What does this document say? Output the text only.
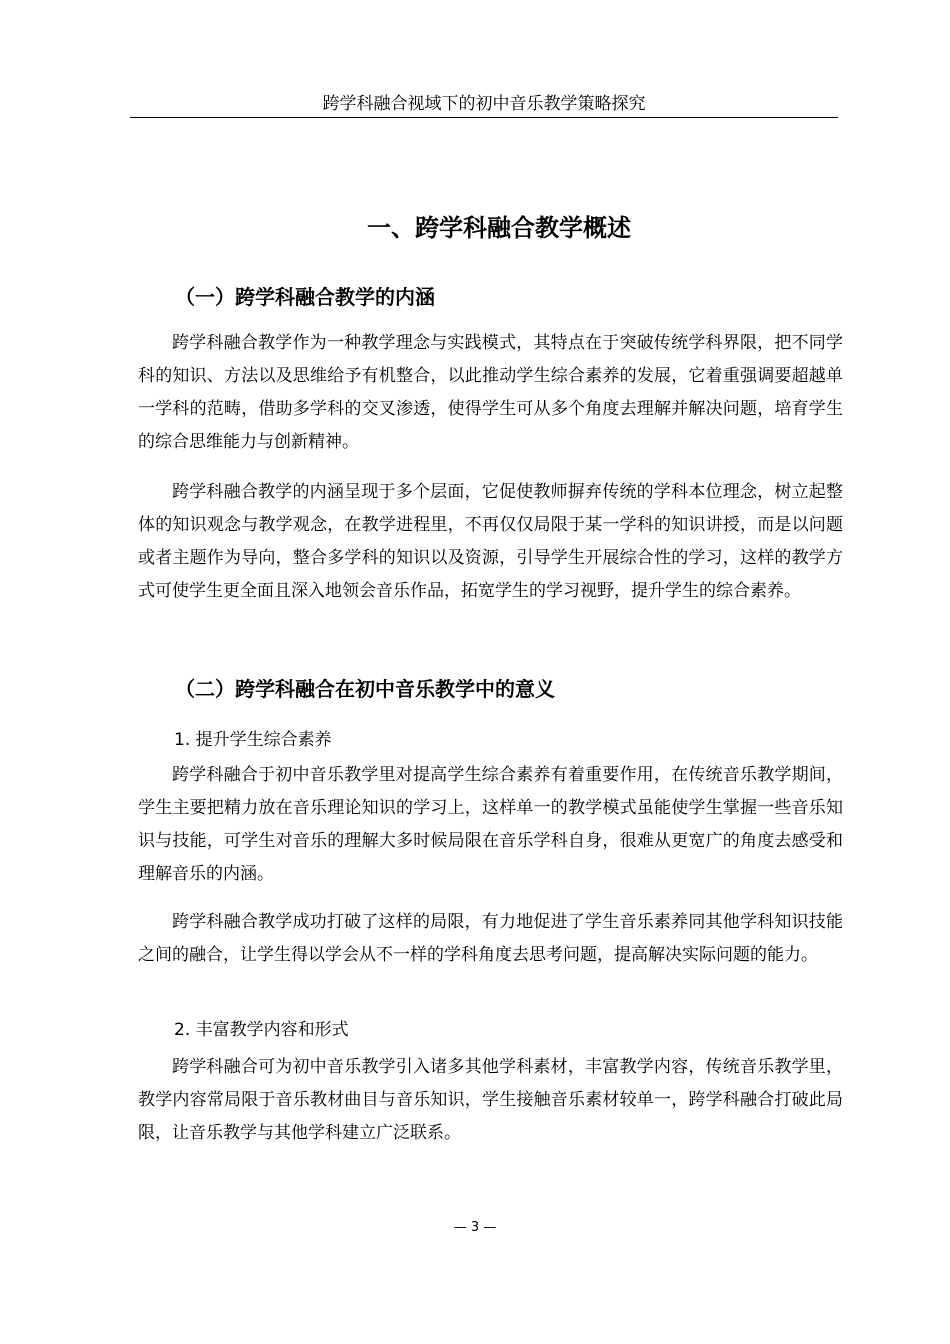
跨学科融合视域下的初中音乐教学策略探究
一、跨学科融合教学概述
（一）跨学科融合教学的内涵

跨学科融合教学作为一种教学理念与实践模式，其特点在于突破传统学科界限，把不同学科的知识、方法以及思维给予有机整合，以此推动学生综合素养的发展，它着重强调要超越单一学科的范畴，借助多学科的交叉渗透，使得学生可从多个角度去理解并解决问题，培育学生的综合思维能力与创新精神。

跨学科融合教学的内涵呈现于多个层面，它促使教师摒弃传统的学科本位理念，树立起整体的知识观念与教学观念，在教学进程里，不再仅仅局限于某一学科的知识讲授，而是以问题或者主题作为导向，整合多学科的知识以及资源，引导学生开展综合性的学习，这样的教学方式可使学生更全面且深入地领会音乐作品，拓宽学生的学习视野，提升学生的综合素养。

（二）跨学科融合在初中音乐教学中的意义
1. 提升学生综合素养

跨学科融合于初中音乐教学里对提高学生综合素养有着重要作用，在传统音乐教学期间，学生主要把精力放在音乐理论知识的学习上，这样单一的教学模式虽能使学生掌握一些音乐知识与技能，可学生对音乐的理解大多时候局限在音乐学科自身，很难从更宽广的角度去感受和理解音乐的内涵。

跨学科融合教学成功打破了这样的局限，有力地促进了学生音乐素养同其他学科知识技能之间的融合，让学生得以学会从不一样的学科角度去思考问题，提高解决实际问题的能力。

2. 丰富教学内容和形式

跨学科融合可为初中音乐教学引入诸多其他学科素材，丰富教学内容，传统音乐教学里，教学内容常局限于音乐教材曲目与音乐知识，学生接触音乐素材较单一，跨学科融合打破此局限，让音乐教学与其他学科建立广泛联系。

— 3 —
